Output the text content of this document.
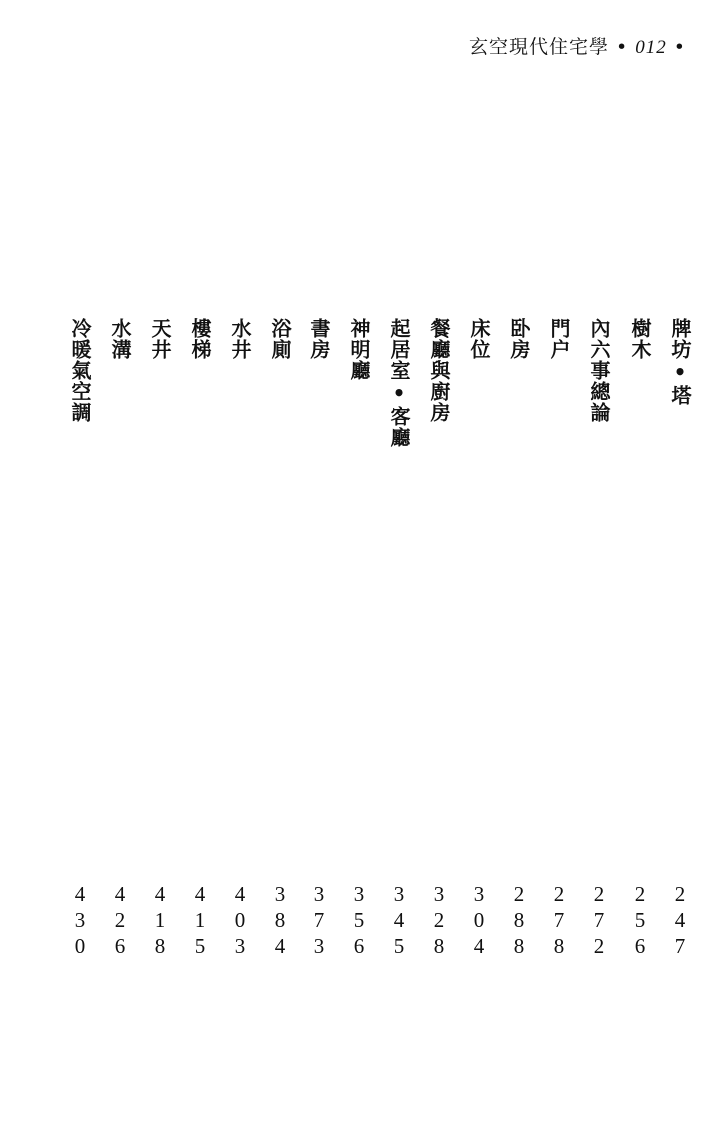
玄空現代住宅學 • 012 •
牌坊•塔
247
樹木
256
內六事總論
272
門户
278
卧房
288
床位
304
餐廳與廚房
328
起居室•客廳
345
神明廳
356
書房
373
浴廁
384
水井
403
樓梯
415
天井
418
水溝
426
冷暖氣空調
430
